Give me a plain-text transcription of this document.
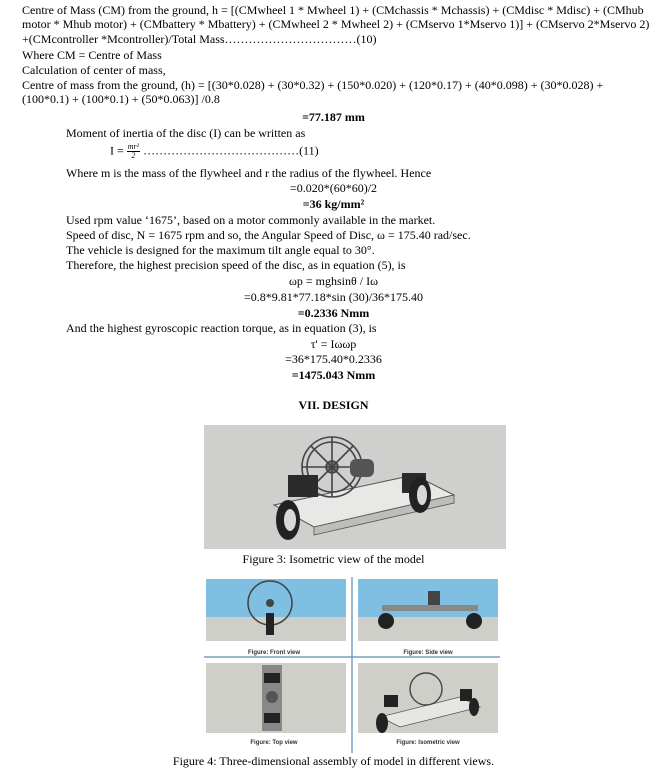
Centre of Mass (CM) from the ground, h = [(CMwheel 1 * Mwheel 1) + (CMchassis * Mchassis) + (CMdisc * Mdisc) + (CMhub motor * Mhub motor) + (CMbattery * Mbattery) + (CMwheel 2 * Mwheel 2) + (CMservo 1*Mservo 1)] + (CMservo 2*Mservo 2) +(CMcontroller *Mcontroller)/Total Mass……………………………(10)
Where CM = Centre of Mass
Calculation of center of mass,
Centre of mass from the ground, (h) = [(30*0.028) + (30*0.32) + (150*0.020) + (120*0.17) + (40*0.098) + (30*0.028) + (100*0.1) + (100*0.1) + (50*0.063)] /0.8
=77.187 mm
Moment of inertia of the disc (I) can be written as
$I = \frac{\text{mr²}}{2}$ …………………………………(11)
Where m is the mass of the flywheel and r the radius of the flywheel. Hence
=0.020*(60*60)/2
=36 kg/mm²
Used rpm value ‘1675’, based on a motor commonly available in the market.
Speed of disc, N = 1675 rpm and so, the Angular Speed of Disc, ω = 175.40 rad/sec.
The vehicle is designed for the maximum tilt angle equal to 30°.
Therefore, the highest precision speed of the disc, as in equation (5), is
ωp = mghsinθ / Iω
=0.8*9.81*77.18*sin (30)/36*175.40
=0.2336 Nmm
And the highest gyroscopic reaction torque, as in equation (3), is
τ' = Iωωp
=36*175.40*0.2336
=1475.043 Nmm
VII. DESIGN
Figure 3: Isometric view of the model
Figure: Front view	Figure: Side view
Figure: Top view	Figure: Isometric view
Figure 4: Three-dimensional assembly of model in different views.
